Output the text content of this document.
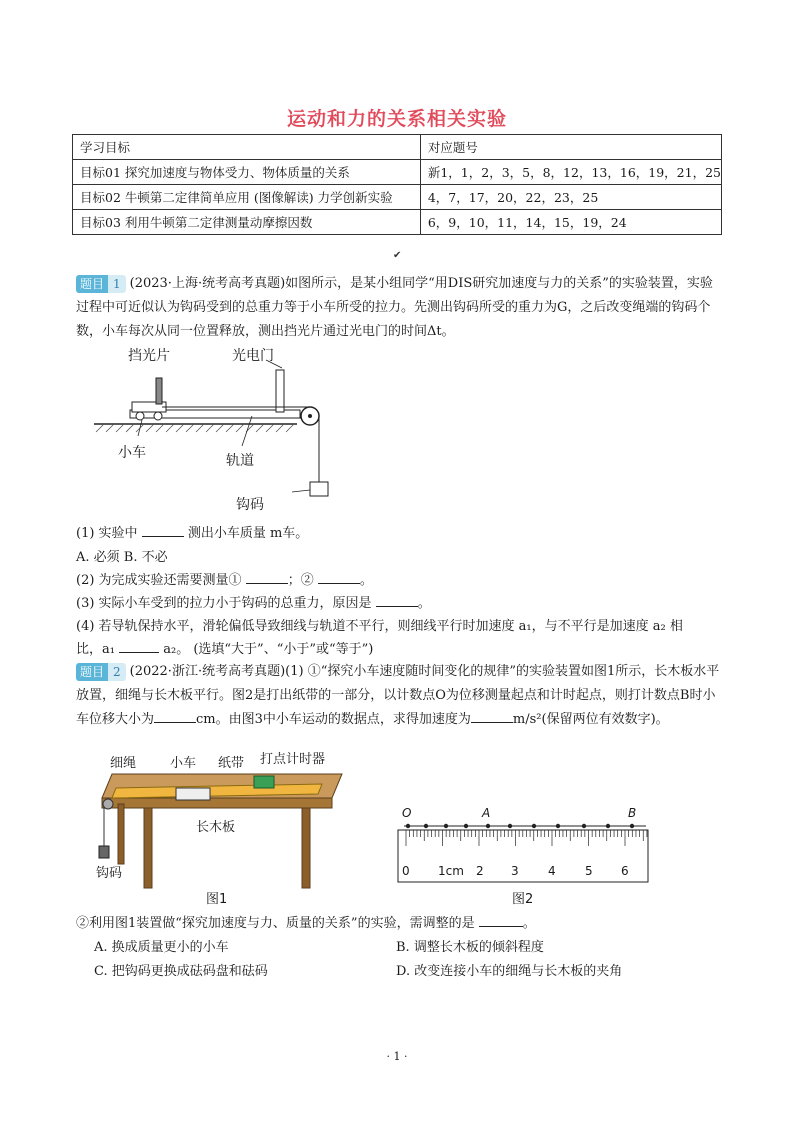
运动和力的关系相关实验
学习目标	对应题号
目标01 探究加速度与物体受力、物体质量的关系	新1，1，2，3，5，8，12，13，16，19，21，25
目标02 牛顿第二定律简单应用 (图像解读) 力学创新实验	4，7，17，20，22，23，25
目标03 利用牛顿第二定律测量动摩擦因数	6，9，10，11，14，15，19，24
✔
题目 1 (2023·上海·统考高考真题)如图所示，是某小组同学“用DIS研究加速度与力的关系”的实验装置，实验过程中可近似认为钩码受到的总重力等于小车所受的拉力。先测出钩码所受的重力为G，之后改变绳端的钩码个数，小车每次从同一位置释放，测出挡光片通过光电门的时间Δt。
挡光片	光电门
小车	轨道
钩码
(1) 实验中	测出小车质量 m车。
A. 必须 B. 不必
(2) 为完成实验还需要测量①	；②	。
(3) 实际小车受到的拉力小于钩码的总重力，原因是	。
(4) 若导轨保持水平，滑轮偏低导致细线与轨道不平行，则细线平行时加速度 a₁，与不平行是加速度 a₂ 相
比，a₁	a₂。 (选填“大于”、“小于”或“等于”)
题目 2 (2022·浙江·统考高考真题)(1) ①“探究小车速度随时间变化的规律”的实验装置如图1所示，长木板水平放置，细绳与长木板平行。图2是打出纸带的一部分，以计数点O为位移测量起点和计时起点，则打计数点B时小车位移大小为	cm。由图3中小车运动的数据点，求得加速度为	m/s²(保留两位有效数字)。
细绳	小车 纸带 打点计时器
长木板
钩码
图1
O	A	B
0 1cm 2 3 4 5 6
图2
②利用图1装置做“探究加速度与力、质量的关系”的实验，需调整的是	。
A. 换成质量更小的小车	B. 调整长木板的倾斜程度
C. 把钩码更换成砝码盘和砝码	D. 改变连接小车的细绳与长木板的夹角
· 1 ·
